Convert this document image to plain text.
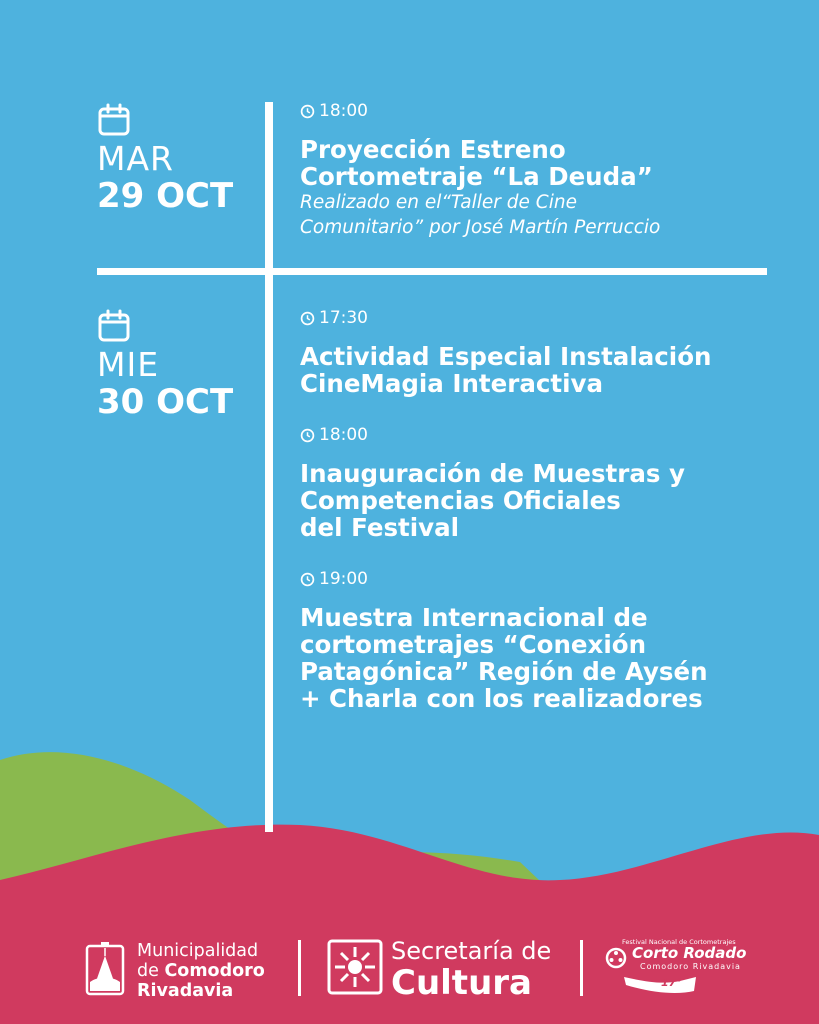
MAR
29 OCT
18:00
Proyección Estreno
Cortometraje “La Deuda”
Realizado en el“Taller de Cine
Comunitario” por José Martín Perruccio
MIE
30 OCT
17:30
Actividad Especial Instalación
CineMagia Interactiva
18:00
Inauguración de Muestras y
Competencias Oficiales
del Festival
19:00
Muestra Internacional de
cortometrajes “Conexión
Patagónica” Región de Aysén
+ Charla con los realizadores
Municipalidad
de Comodoro
Rivadavia
Secretaría de
Cultura
Festival Nacional de Cortometrajes
Corto Rodado
Comodoro Rivadavia
17°
